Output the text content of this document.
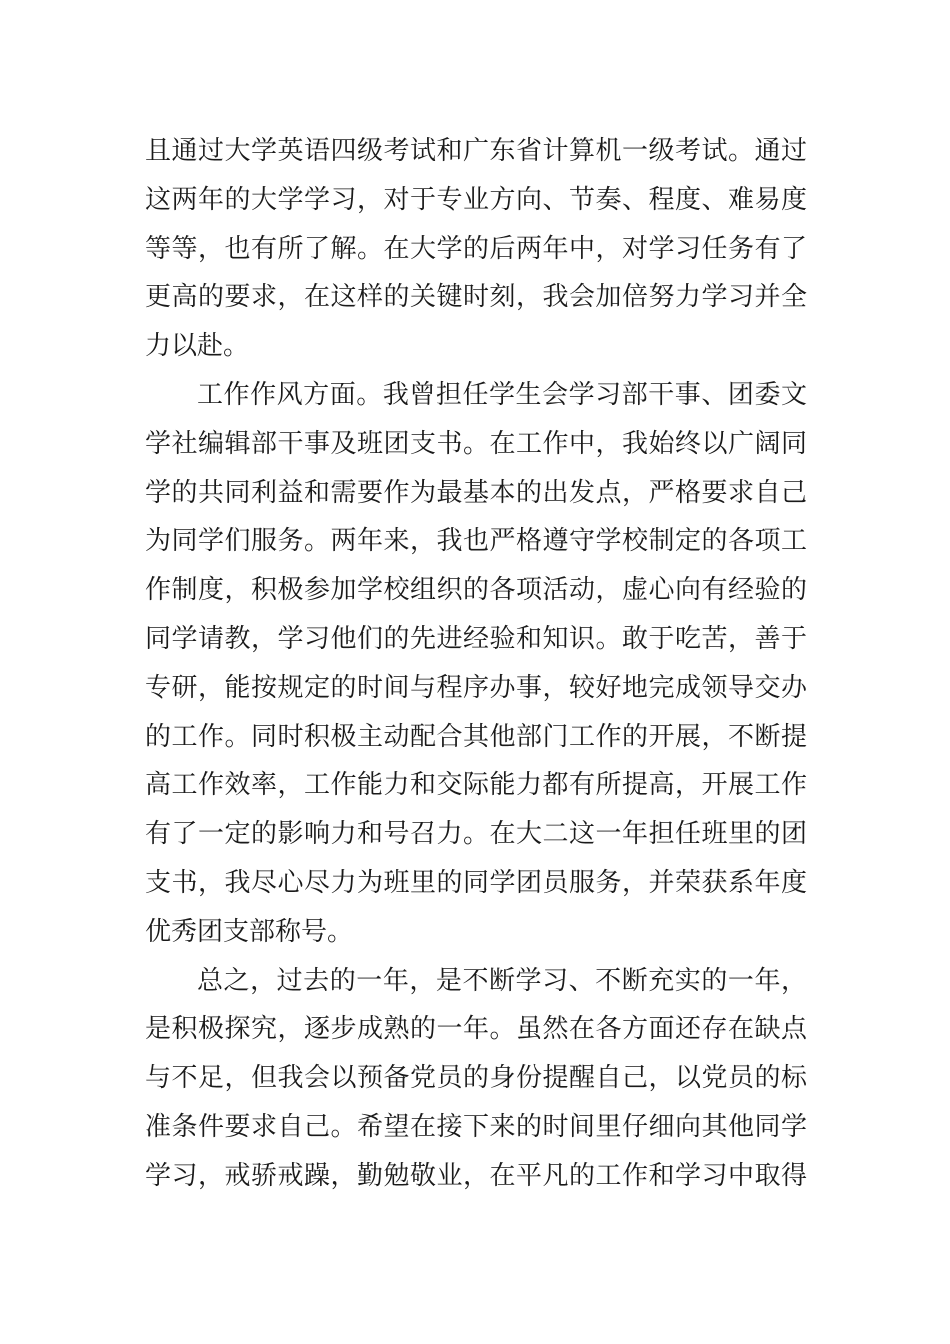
且通过大学英语四级考试和广东省计算机一级考试。通过
这两年的大学学习，对于专业方向、节奏、程度、难易度
等等，也有所了解。在大学的后两年中，对学习任务有了
更高的要求，在这样的关键时刻，我会加倍努力学习并全
力以赴。

工作作风方面。我曾担任学生会学习部干事、团委文
学社编辑部干事及班团支书。在工作中，我始终以广阔同
学的共同利益和需要作为最基本的出发点，严格要求自己
为同学们服务。两年来，我也严格遵守学校制定的各项工
作制度，积极参加学校组织的各项活动，虚心向有经验的
同学请教，学习他们的先进经验和知识。敢于吃苦，善于
专研，能按规定的时间与程序办事，较好地完成领导交办
的工作。同时积极主动配合其他部门工作的开展，不断提
高工作效率，工作能力和交际能力都有所提高，开展工作
有了一定的影响力和号召力。在大二这一年担任班里的团
支书，我尽心尽力为班里的同学团员服务，并荣获系年度
优秀团支部称号。

总之，过去的一年，是不断学习、不断充实的一年，
是积极探究，逐步成熟的一年。虽然在各方面还存在缺点
与不足，但我会以预备党员的身份提醒自己，以党员的标
准条件要求自己。希望在接下来的时间里仔细向其他同学
学习，戒骄戒躁，勤勉敬业，在平凡的工作和学习中取得
